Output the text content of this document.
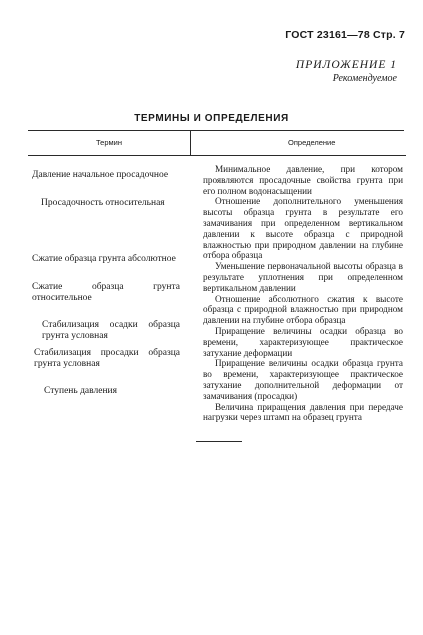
ГОСТ 23161—78 Стр. 7
ПРИЛОЖЕНИЕ 1
Рекомендуемое
ТЕРМИНЫ И ОПРЕДЕЛЕНИЯ
Термин	Определение
Давление начальное просадочное
Просадочность относительная
Сжатие образца грунта абсолютное
Сжатие образца грунта относительное
Стабилизация осадки образца грунта условная
Стабилизация просадки образца грунта условная
Ступень давления

Минимальное давление, при котором проявляются просадочные свойства грунта при его полном водонасыщении

Отношение дополнительного уменьшения высоты образца грунта в результате его замачивания при определенном вертикальном давлении к высоте образца с природной влажностью при природном давлении на глубине отбора образца

Уменьшение первоначальной высоты образца в результате уплотнения при определенном вертикальном давлении

Отношение абсолютного сжатия к высоте образца с природной влажностью при природном давлении на глубине отбора образца

Приращение величины осадки образца во времени, характеризующее практическое затухание деформации

Приращение величины осадки образца грунта во времени, характеризующее практическое затухание дополнительной деформации от замачивания (просадки)

Величина приращения давления при передаче нагрузки через штамп на образец грунта
